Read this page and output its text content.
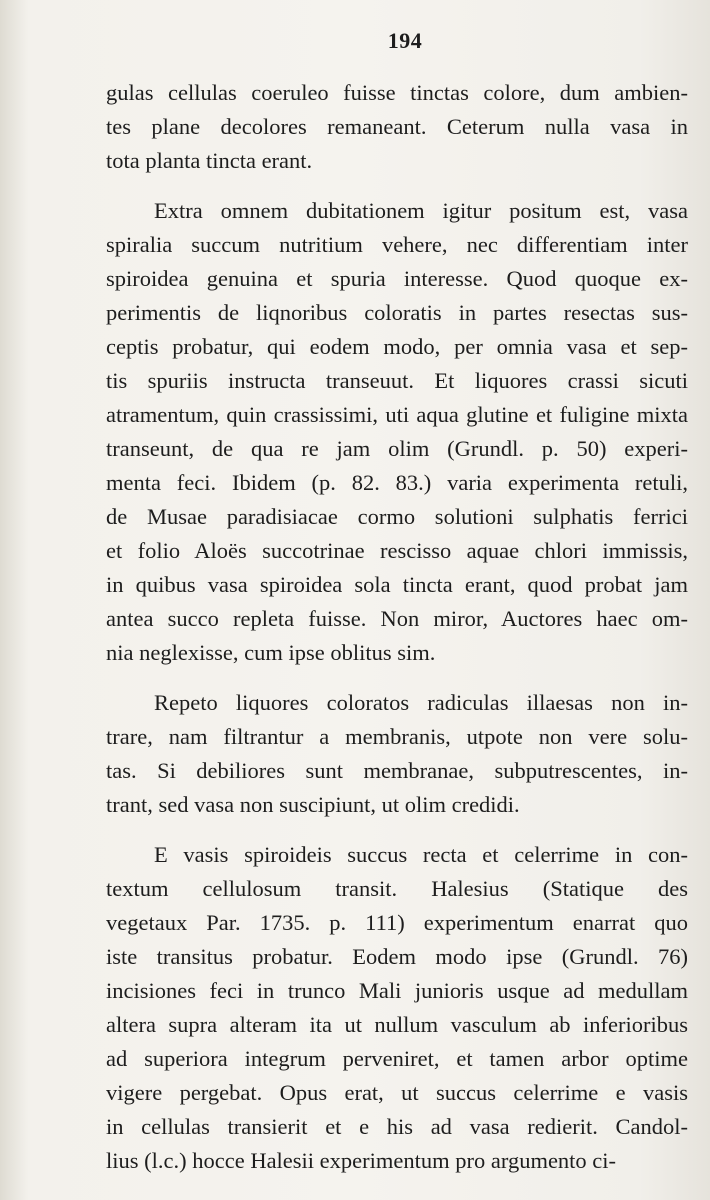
194
gulas cellulas coeruleo fuisse tinctas colore, dum ambien-
tes plane decolores remaneant. Ceterum nulla vasa in
tota planta tincta erant.
Extra omnem dubitationem igitur positum est, vasa
spiralia succum nutritium vehere, nec differentiam inter
spiroidea genuina et spuria interesse. Quod quoque ex-
perimentis de liqnoribus coloratis in partes resectas sus-
ceptis probatur, qui eodem modo, per omnia vasa et sep-
tis spuriis instructa transeuut. Et liquores crassi sicuti
atramentum, quin crassissimi, uti aqua glutine et fuligine mixta
transeunt, de qua re jam olim (Grundl. p. 50) experi-
menta feci. Ibidem (p. 82. 83.) varia experimenta retuli,
de Musae paradisiacae cormo solutioni sulphatis ferrici
et folio Aloës succotrinae rescisso aquae chlori immissis,
in quibus vasa spiroidea sola tincta erant, quod probat jam
antea succo repleta fuisse. Non miror, Auctores haec om-
nia neglexisse, cum ipse oblitus sim.
Repeto liquores coloratos radiculas illaesas non in-
trare, nam filtrantur a membranis, utpote non vere solu-
tas. Si debiliores sunt membranae, subputrescentes, in-
trant, sed vasa non suscipiunt, ut olim credidi.
E vasis spiroideis succus recta et celerrime in con-
textum cellulosum transit. Halesius (Statique des
vegetaux Par. 1735. p. 111) experimentum enarrat quo
iste transitus probatur. Eodem modo ipse (Grundl. 76)
incisiones feci in trunco Mali junioris usque ad medullam
altera supra alteram ita ut nullum vasculum ab inferioribus
ad superiora integrum perveniret, et tamen arbor optime
vigere pergebat. Opus erat, ut succus celerrime e vasis
in cellulas transierit et e his ad vasa redierit. Candol-
lius (l.c.) hocce Halesii experimentum pro argumento ci-
